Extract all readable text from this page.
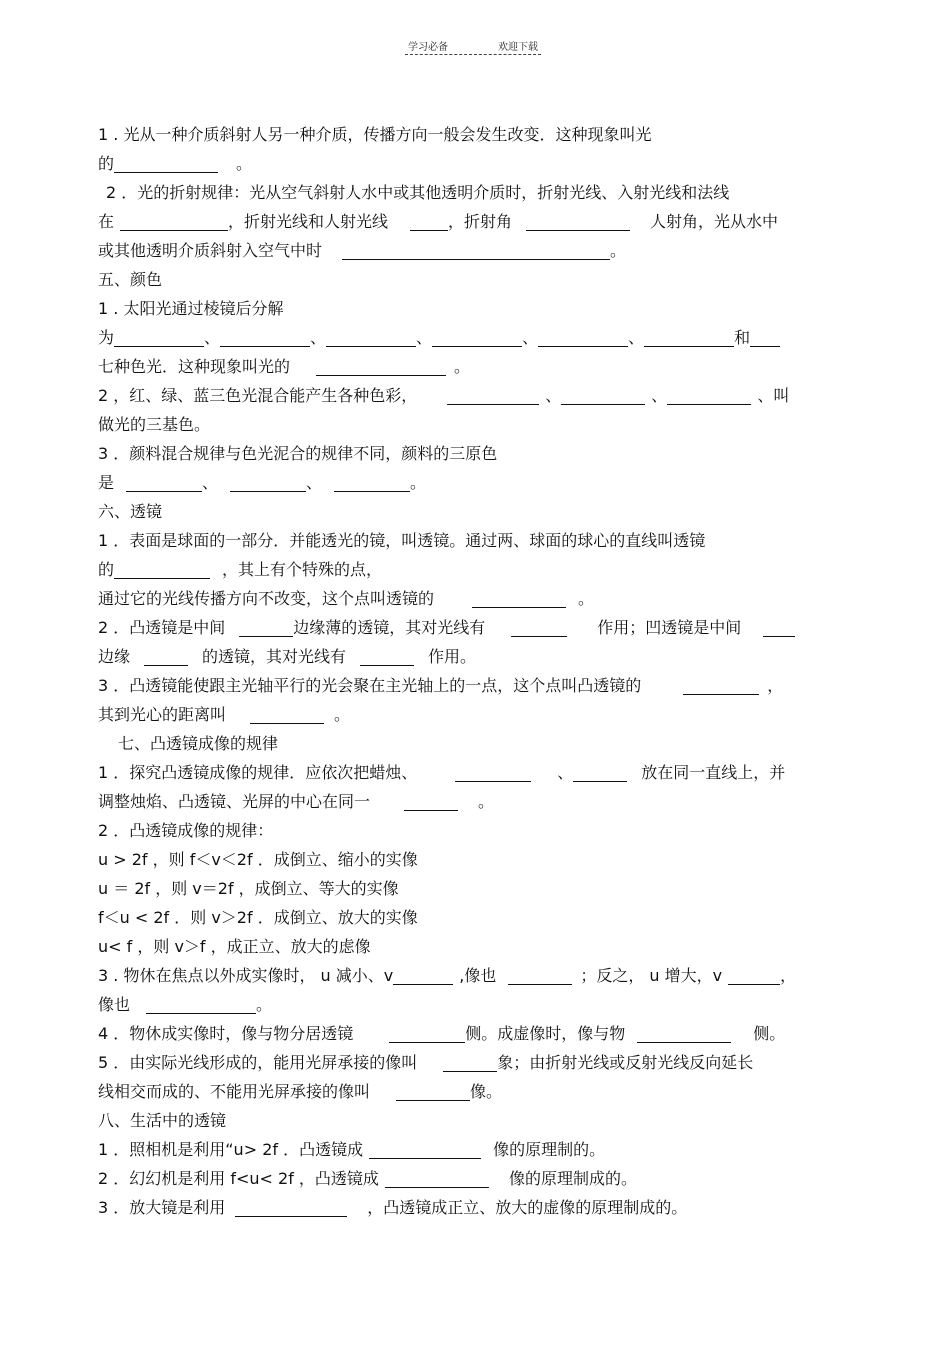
学习必备	欢迎下载
1 . 光从一种介质斜射人另一种介质，传播方向一般会发生改变．这种现象叫光
的	。
2 ．光的折射规律：光从空气斜射人水中或其他透明介质时，折射光线、入射光线和法线
在	，折射光线和人射光线	，折射角	人射角，光从水中
或其他透明介质斜射入空气中时	。
五、颜色
1 . 太阳光通过棱镜后分解
为	、	、	、	、	、	和
七种色光．这种现象叫光的	。
2 ，红、绿、蓝三色光混合能产生各种色彩，	、	、	、叫
做光的三基色。
3 ．颜料混合规律与色光泥合的规律不同，颜料的三原色
是	、	、	。
六、透镜
1 ．表面是球面的一部分．并能透光的镜，叫透镜。通过两、球面的球心的直线叫透镜
的	，其上有个特殊的点，
通过它的光线传播方向不改变，这个点叫透镜的	。
2 ．凸透镜是中间	边缘薄的透镜，其对光线有	作用；凹透镜是中间
边缘	的透镜，其对光线有	作用。
3 ．凸透镜能使跟主光轴平行的光会聚在主光轴上的一点，这个点叫凸透镜的	，
其到光心的距离叫	。
七、凸透镜成像的规律
1 ．探究凸透镜成像的规律．应依次把蜡烛、	、	放在同一直线上，并
调整烛焰、凸透镜、光屏的中心在同一	。
2 ．凸透镜成像的规律：
u > 2f ，则 f＜v＜2f ．成倒立、缩小的实像
u ＝ 2f ，则 v＝2f ，成倒立、等大的实像
f＜u < 2f ．则 v＞2f ．成倒立、放大的实像
u< f ，则 v＞f ，成正立、放大的虑像
3 . 物休在焦点以外成实像时， u 减小、v	,像也	；反之， u 增大，v	，
像也	。
4 ．物休成实像时，像与物分居透镜	侧。成虚像时，像与物	侧。
5 ．由实际光线形成的，能用光屏承接的像叫	象；由折射光线或反射光线反向延长
线相交而成的、不能用光屏承接的像叫	像。
八、生活中的透镜
1 ．照相机是利用“u> 2f ．凸透镜成	像的原理制的。
2 ．幻幻机是利用 f<u< 2f ，凸透镜成	像的原理制成的。
3 ．放大镜是利用	，凸透镜成正立、放大的虚像的原理制成的。
